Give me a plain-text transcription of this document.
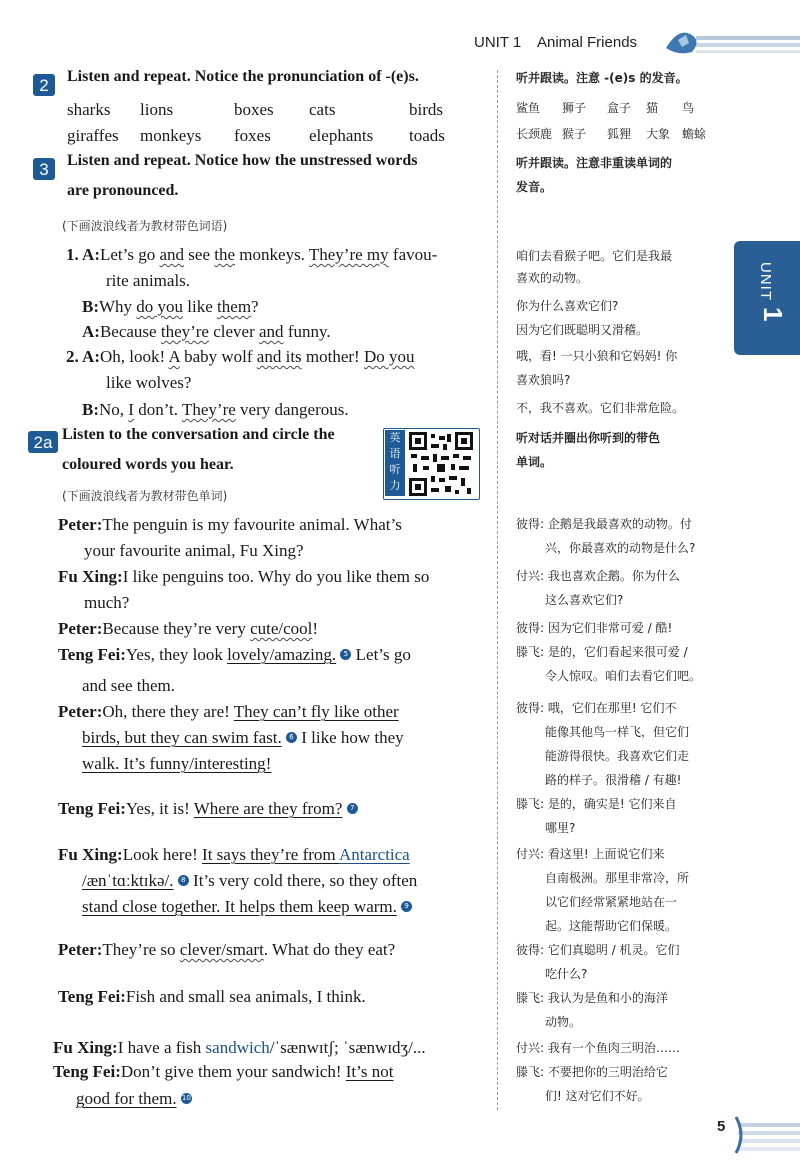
UNIT 1 Animal Friends
UNIT
1
2	Listen and repeat. Notice the pronunciation of -(e)s.
sharks lions	boxes cats	birds
giraffes monkeys foxes elephants toads
听并跟读。注意 -(e)s 的发音。
鲨鱼 狮子 盒子 猫 鸟
长颈鹿 猴子 狐狸 大象 蟾蜍
3	Listen and repeat. Notice how the unstressed words
are pronounced.
(下画波浪线者为教材带色词语)
听并跟读。注意非重读单词的
发音。
1. A:Let’s go and see the monkeys. They’re my favou-
rite animals.
B:Why do you like them?
A:Because they’re clever and funny.
2. A:Oh, look! A baby wolf and its mother! Do you
like wolves?
B:No, I don’t. They’re very dangerous.
咱们去看猴子吧。它们是我最
喜欢的动物。
你为什么喜欢它们?
因为它们既聪明又滑稽。
哦，看! 一只小狼和它妈妈! 你
喜欢狼吗?
不，我不喜欢。它们非常危险。
2a Listen to the conversation and circle the
coloured words you hear.
(下画波浪线者为教材带色单词)
英语听力
听对话并圈出你听到的带色
单词。
Peter:The penguin is my favourite animal. What’s
your favourite animal, Fu Xing?
Fu Xing:I like penguins too. Why do you like them so
much?
Peter:Because they’re very cute/cool!
Teng Fei:Yes, they look lovely/amazing. 5 Let’s go
and see them.
Peter:Oh, there they are! They can’t fly like other
birds, but they can swim fast. 6 I like how they
walk. It’s funny/interesting!
Teng Fei:Yes, it is! Where are they from? 7
Fu Xing:Look here! It says they’re from Antarctica
/ænˈtɑːktɪkə/. 8 It’s very cold there, so they often
stand close together. It helps them keep warm. 9
Peter:They’re so clever/smart. What do they eat?
Teng Fei:Fish and small sea animals, I think.
Fu Xing:I have a fish sandwich/ˈsænwɪtʃ; ˈsænwɪdʒ/...
Teng Fei:Don’t give them your sandwich! It’s not
good for them. 10
彼得: 企鹅是我最喜欢的动物。付
兴，你最喜欢的动物是什么?
付兴: 我也喜欢企鹅。你为什么
这么喜欢它们?
彼得: 因为它们非常可爱 / 酷!
滕飞: 是的，它们看起来很可爱 /
令人惊叹。咱们去看它们吧。
彼得: 哦，它们在那里! 它们不
能像其他鸟一样飞，但它们
能游得很快。我喜欢它们走
路的样子。很滑稽 / 有趣!
滕飞: 是的，确实是! 它们来自
哪里?
付兴: 看这里! 上面说它们来
自南极洲。那里非常冷，所
以它们经常紧紧地站在一
起。这能帮助它们保暖。
彼得: 它们真聪明 / 机灵。它们
吃什么?
滕飞: 我认为是鱼和小的海洋
动物。
付兴: 我有一个鱼肉三明治……
滕飞: 不要把你的三明治给它
们! 这对它们不好。
5
